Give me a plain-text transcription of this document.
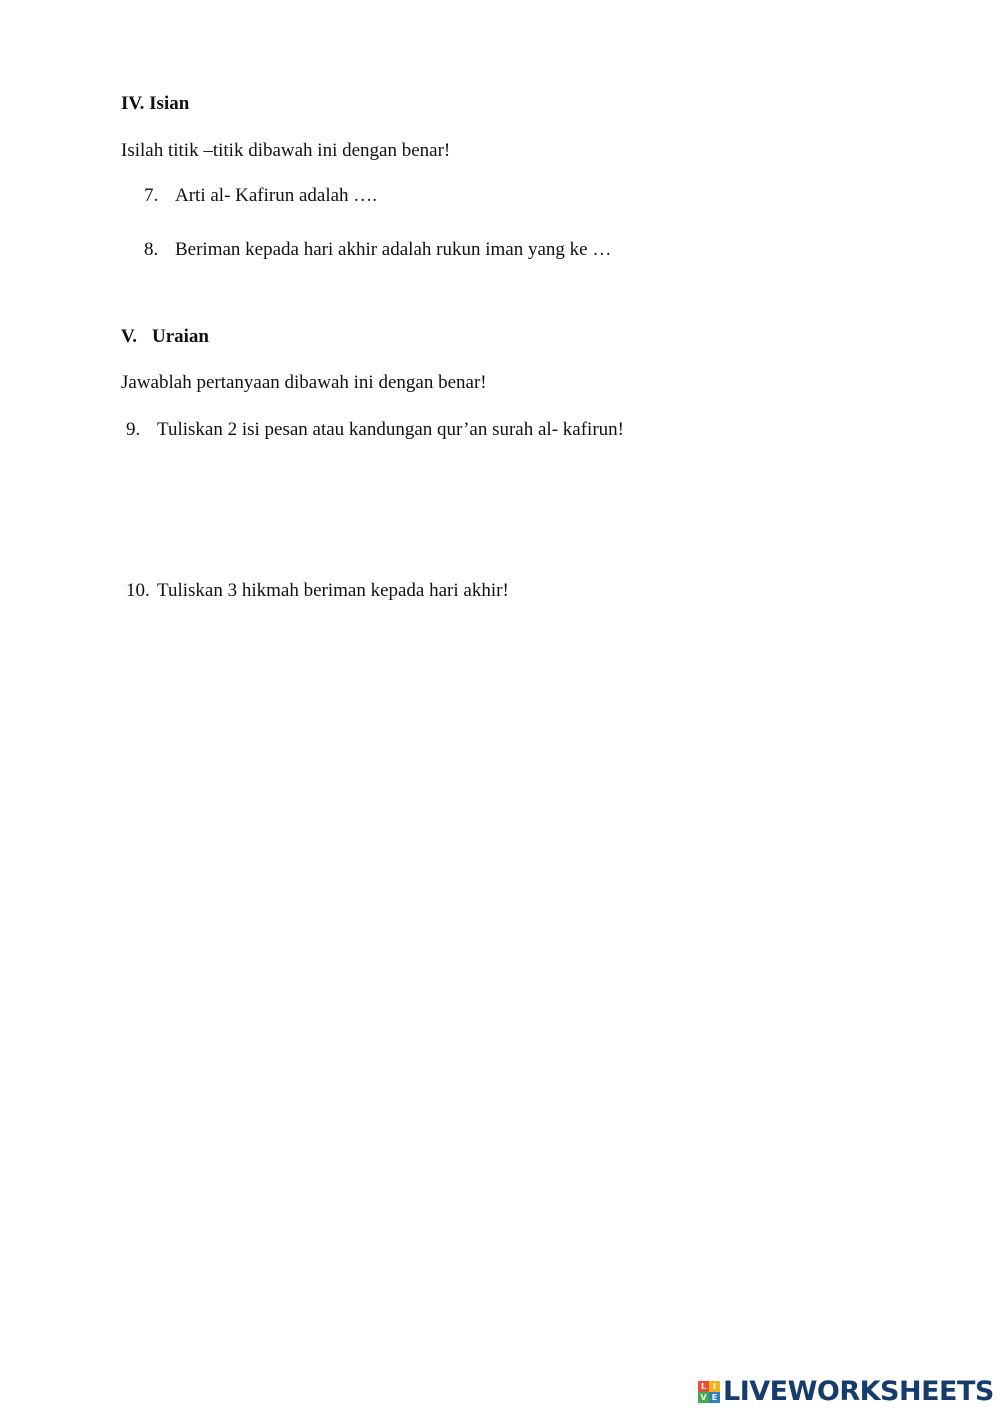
IV. Isian
Isilah titik –titik dibawah ini dengan benar!
7. Arti al- Kafirun adalah ….
8. Beriman kepada hari akhir adalah rukun iman yang ke …
V. Uraian
Jawablah pertanyaan dibawah ini dengan benar!
9. Tuliskan 2 isi pesan atau kandungan qur’an surah al- kafirun!
10. Tuliskan 3 hikmah beriman kepada hari akhir!
L I
V E LIVEWORKSHEETS
